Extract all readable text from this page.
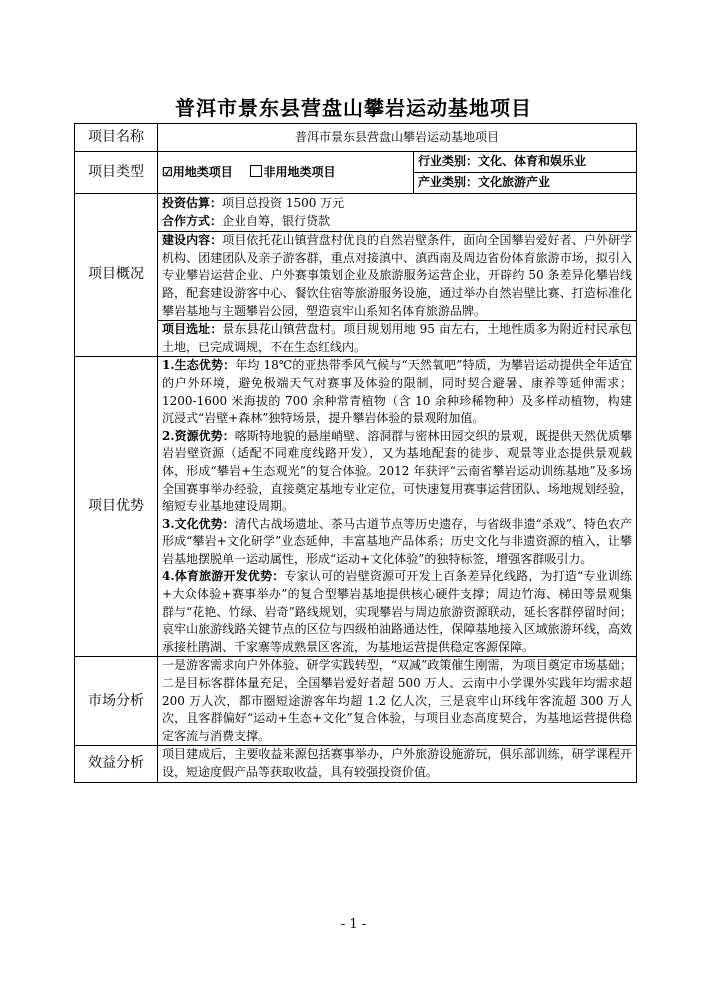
普洱市景东县营盘山攀岩运动基地项目
项目名称	普洱市景东县营盘山攀岩运动基地项目	
项目类型	☑用地类项目 非用地类项目	行业类别：文化、体育和娱乐业
		产业类别：文化旅游产业
项目概况	投资估算：项目总投资 1500 万元
合作方式：企业自筹，银行贷款	

	建设内容：项目依托花山镇营盘村优良的自然岩壁条件，面向全国攀岩爱好者、户外研学机构、团建团队及亲子游客群，重点对接滇中、滇西南及周边省份体育旅游市场，拟引入专业攀岩运营企业、户外赛事策划企业及旅游服务运营企业，开辟约 50 条差异化攀岩线路，配套建设游客中心、餐饮住宿等旅游服务设施，通过举办自然岩壁比赛、打造标准化攀岩基地与主题攀岩公园，塑造哀牢山系知名体育旅游品牌。	
	项目选址：景东县花山镇营盘村。项目规划用地 95 亩左右，土地性质多为附近村民承包土地，已完成调规，不在生态红线内。	
项目优势	1.生态优势：年均 18℃的亚热带季风气候与“天然氧吧”特质，为攀岩运动提供全年适宜的户外环境，避免极端天气对赛事及体验的限制，同时契合避暑、康养等延伸需求；1200-1600 米海拔的 700 余种常青植物（含 10 余种珍稀物种）及多样动植物，构建沉浸式“岩壁+森林”独特场景，提升攀岩体验的景观附加值。
2.资源优势：喀斯特地貌的悬崖峭壁、溶洞群与密林田园交织的景观，既提供天然优质攀岩岩壁资源（适配不同难度线路开发），又为基地配套的徒步、观景等业态提供景观载体，形成“攀岩+生态观光”的复合体验。2012 年获评“云南省攀岩运动训练基地”及多场全国赛事举办经验，直接奠定基地专业定位，可快速复用赛事运营团队、场地规划经验，缩短专业基地建设周期。
3.文化优势：清代古战场遗址、茶马古道节点等历史遗存，与省级非遗“杀戏”、特色农产形成“攀岩+文化研学”业态延伸，丰富基地产品体系；历史文化与非遗资源的植入，让攀岩基地摆脱单一运动属性，形成“运动+文化体验”的独特标签，增强客群吸引力。
4.体育旅游开发优势：专家认可的岩壁资源可开发上百条差异化线路，为打造“专业训练+大众体验+赛事举办”的复合型攀岩基地提供核心硬件支撑；周边竹海、梯田等景观集群与“花艳、竹绿、岩奇”路线规划，实现攀岩与周边旅游资源联动，延长客群停留时间；哀牢山旅游线路关键节点的区位与四级柏油路通达性，保障基地接入区域旅游环线，高效承接杜鹃湖、千家寨等成熟景区客流，为基地运营提供稳定客源保障。	

市场分析	一是游客需求向户外体验、研学实践转型，“双减”政策催生刚需，为项目奠定市场基础；二是目标客群体量充足，全国攀岩爱好者超 500 万人、云南中小学课外实践年均需求超 200 万人次，都市圈短途游客年均超 1.2 亿人次，三是哀牢山环线年客流超 300 万人次，且客群偏好“运动+生态+文化”复合体验，与项目业态高度契合，为基地运营提供稳定客流与消费支撑。	
效益分析	项目建成后，主要收益来源包括赛事举办，户外旅游设施游玩，俱乐部训练，研学课程开设，短途度假产品等获取收益，具有较强投资价值。	
- 1 -
